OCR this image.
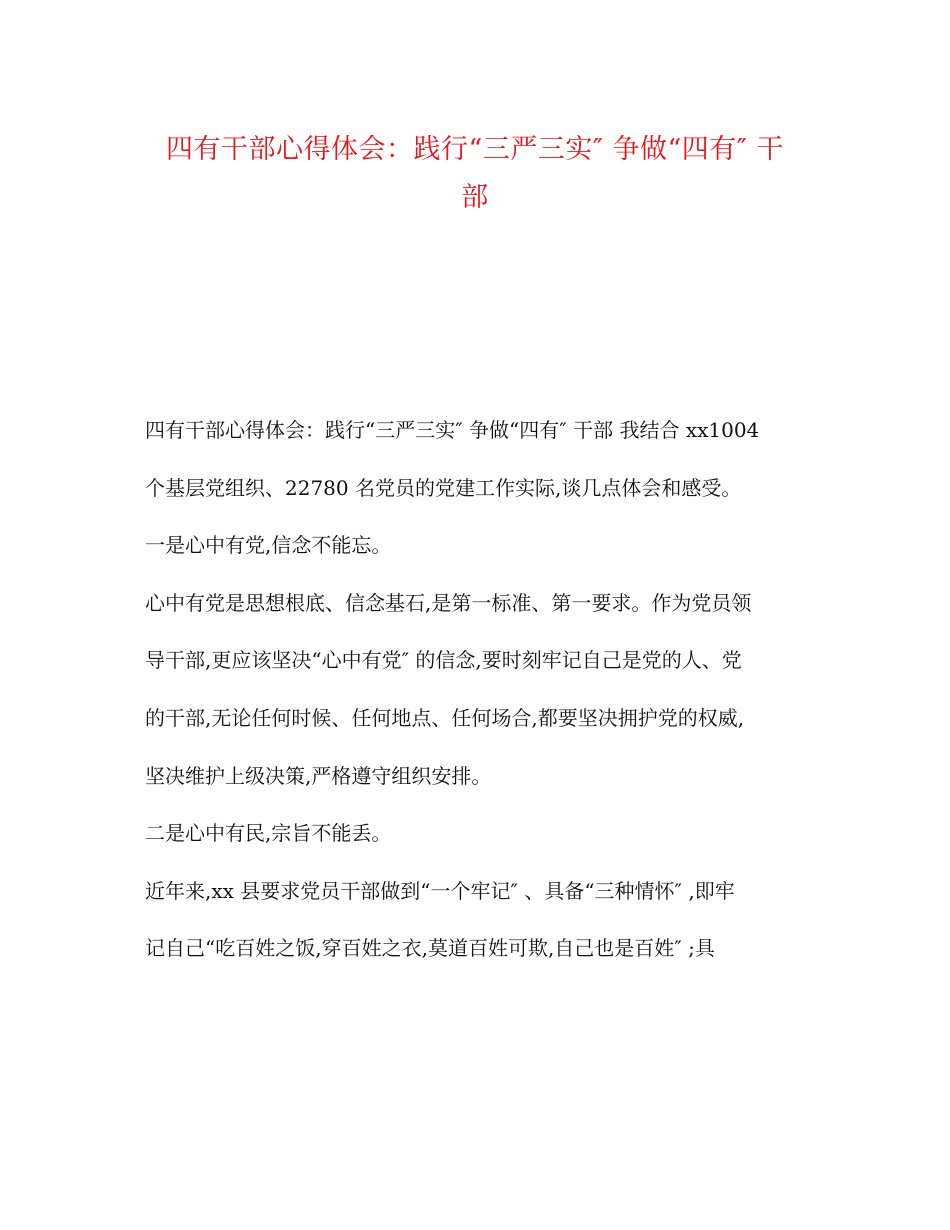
四有干部心得体会：践行“三严三实″ 争做“四有″ 干
部
四有干部心得体会：践行“三严三实″ 争做“四有″ 干部 我结合 xx1004
个基层党组织、22780 名党员的党建工作实际,谈几点体会和感受。
一是心中有党,信念不能忘。
心中有党是思想根底、信念基石,是第一标准、第一要求。作为党员领
导干部,更应该坚决“心中有党″ 的信念,要时刻牢记自己是党的人、党
的干部,无论任何时候、任何地点、任何场合,都要坚决拥护党的权威,
坚决维护上级决策,严格遵守组织安排。
二是心中有民,宗旨不能丢。
近年来,xx 县要求党员干部做到“一个牢记″ 、具备“三种情怀″ ,即牢
记自己“吃百姓之饭,穿百姓之衣,莫道百姓可欺,自己也是百姓″ ;具
